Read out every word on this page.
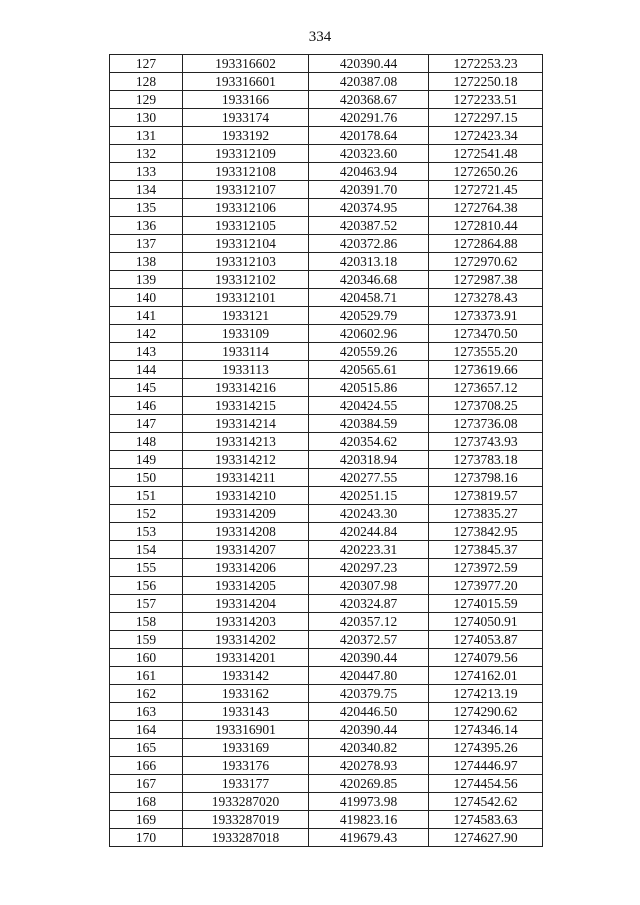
334
127	193316602	420390.44	1272253.23
128	193316601	420387.08	1272250.18
129	1933166	420368.67	1272233.51
130	1933174	420291.76	1272297.15
131	1933192	420178.64	1272423.34
132	193312109	420323.60	1272541.48
133	193312108	420463.94	1272650.26
134	193312107	420391.70	1272721.45
135	193312106	420374.95	1272764.38
136	193312105	420387.52	1272810.44
137	193312104	420372.86	1272864.88
138	193312103	420313.18	1272970.62
139	193312102	420346.68	1272987.38
140	193312101	420458.71	1273278.43
141	1933121	420529.79	1273373.91
142	1933109	420602.96	1273470.50
143	1933114	420559.26	1273555.20
144	1933113	420565.61	1273619.66
145	193314216	420515.86	1273657.12
146	193314215	420424.55	1273708.25
147	193314214	420384.59	1273736.08
148	193314213	420354.62	1273743.93
149	193314212	420318.94	1273783.18
150	193314211	420277.55	1273798.16
151	193314210	420251.15	1273819.57
152	193314209	420243.30	1273835.27
153	193314208	420244.84	1273842.95
154	193314207	420223.31	1273845.37
155	193314206	420297.23	1273972.59
156	193314205	420307.98	1273977.20
157	193314204	420324.87	1274015.59
158	193314203	420357.12	1274050.91
159	193314202	420372.57	1274053.87
160	193314201	420390.44	1274079.56
161	1933142	420447.80	1274162.01
162	1933162	420379.75	1274213.19
163	1933143	420446.50	1274290.62
164	193316901	420390.44	1274346.14
165	1933169	420340.82	1274395.26
166	1933176	420278.93	1274446.97
167	1933177	420269.85	1274454.56
168	1933287020	419973.98	1274542.62
169	1933287019	419823.16	1274583.63
170	1933287018	419679.43	1274627.90
